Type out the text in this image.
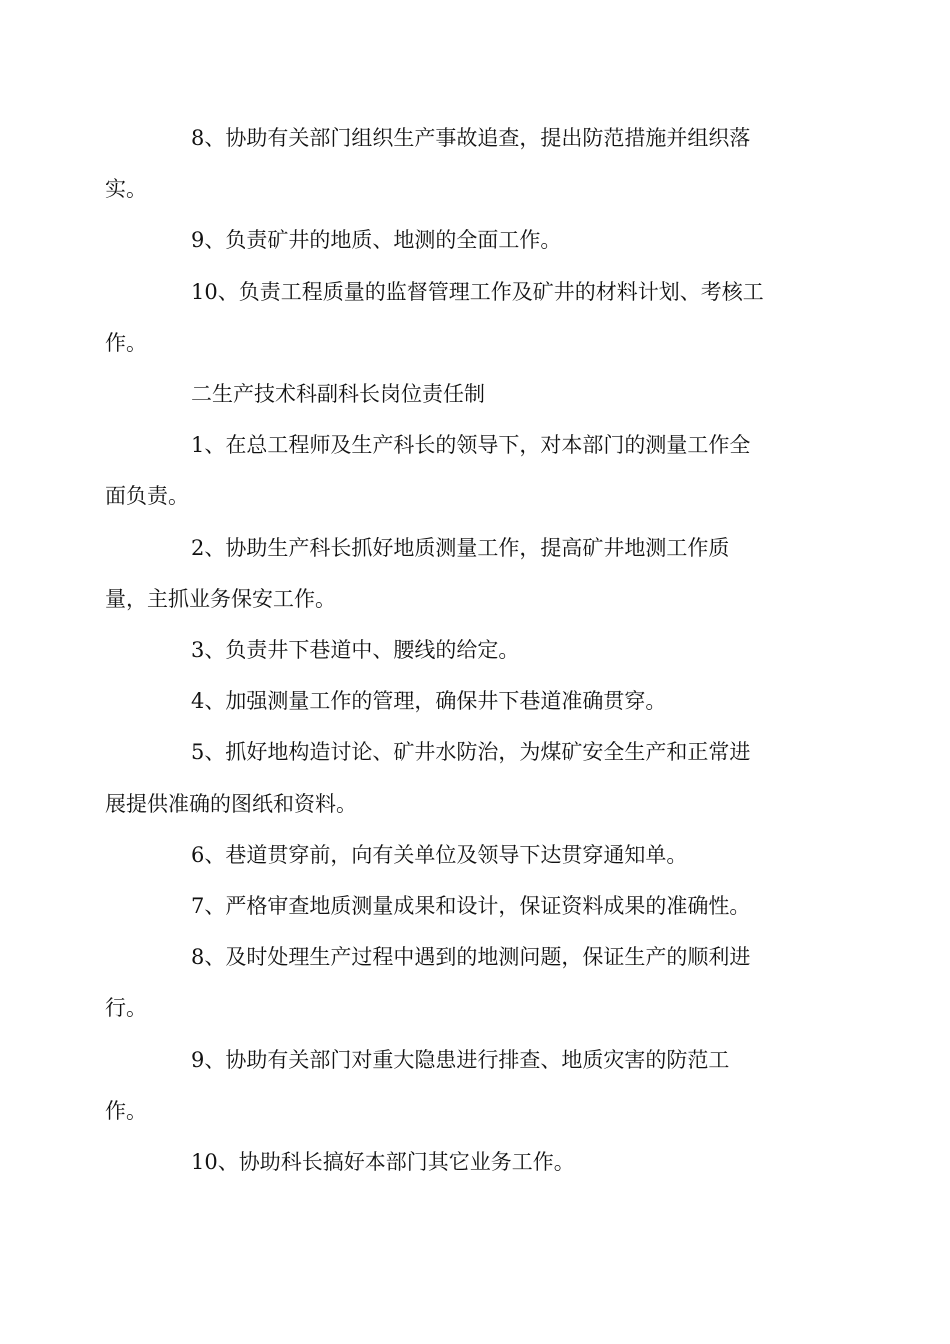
8、协助有关部门组织生产事故追查，提出防范措施并组织落
实。

9、负责矿井的地质、地测的全面工作。

10、负责工程质量的监督管理工作及矿井的材料计划、考核工
作。

二生产技术科副科长岗位责任制

1、在总工程师及生产科长的领导下，对本部门的测量工作全
面负责。

2、协助生产科长抓好地质测量工作，提高矿井地测工作质
量，主抓业务保安工作。

3、负责井下巷道中、腰线的给定。

4、加强测量工作的管理，确保井下巷道准确贯穿。

5、抓好地构造讨论、矿井水防治，为煤矿安全生产和正常进
展提供准确的图纸和资料。

6、巷道贯穿前，向有关单位及领导下达贯穿通知单。

7、严格审查地质测量成果和设计，保证资料成果的准确性。

8、及时处理生产过程中遇到的地测问题，保证生产的顺利进
行。

9、协助有关部门对重大隐患进行排查、地质灾害的防范工
作。

10、协助科长搞好本部门其它业务工作。
